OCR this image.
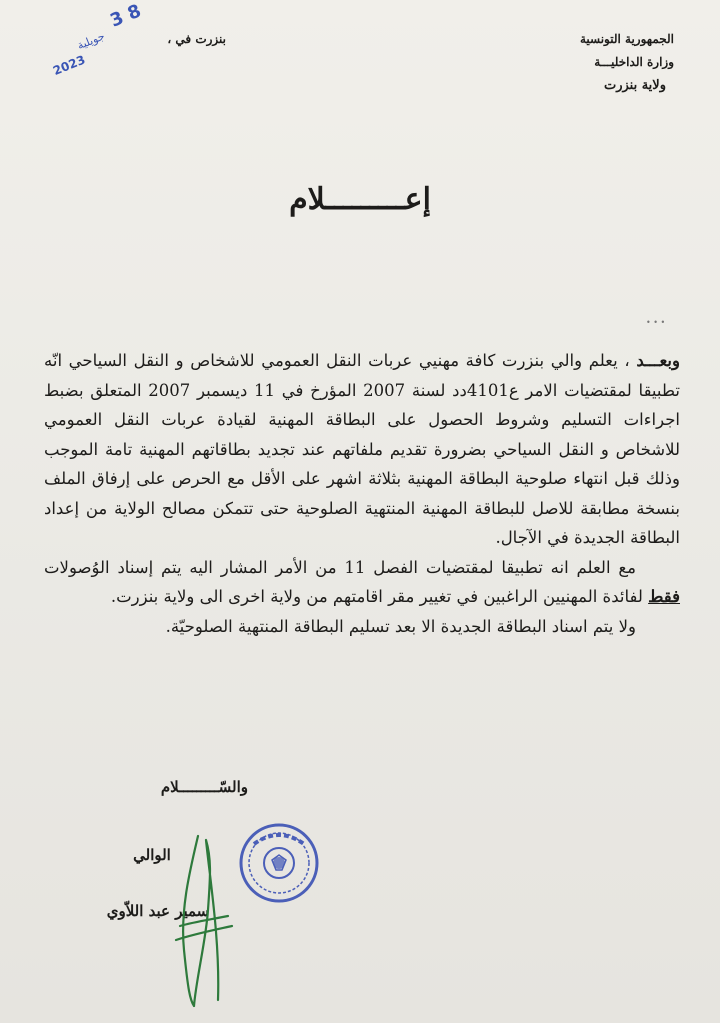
الجمهورية التونسية
وزارة الداخليـــة
ولاية بنزرت
بنزرت في ،
3 8
جويلية
2023
إعـــــــــلام
• • •

وبعـــد ، يعلم والي بنزرت كافة مهنيي عربات النقل العمومي للاشخاص و النقل السياحي انّه تطبيقا لمقتضيات الامر ع4101دد لسنة 2007 المؤرخ في 11 ديسمبر 2007 المتعلق بضبط اجراءات التسليم وشروط الحصول على البطاقة المهنية لقيادة عربات النقل العمومي للاشخاص و النقل السياحي بضرورة تقديم ملفاتهم عند تجديد بطاقاتهم المهنية تامة الموجب وذلك قبل انتهاء صلوحية البطاقة المهنية بثلاثة اشهر على الأقل مع الحرص على إرفاق الملف بنسخة مطابقة للاصل للبطاقة المهنية المنتهية الصلوحية حتى تتمكن مصالح الولاية من إعداد البطاقة الجديدة في الآجال.

مع العلم انه تطبيقا لمقتضيات الفصل 11 من الأمر المشار اليه يتم إسناد الوُصولات فقط لفائدة المهنيين الراغبين في تغيير مقر اقامتهم من ولاية اخرى الى ولاية بنزرت.

ولا يتم اسناد البطاقة الجديدة الا بعد تسليم البطاقة المنتهية الصلوحيّة.

والسّـــــــــلام
الوالي
سمير عبد اللاّوي
